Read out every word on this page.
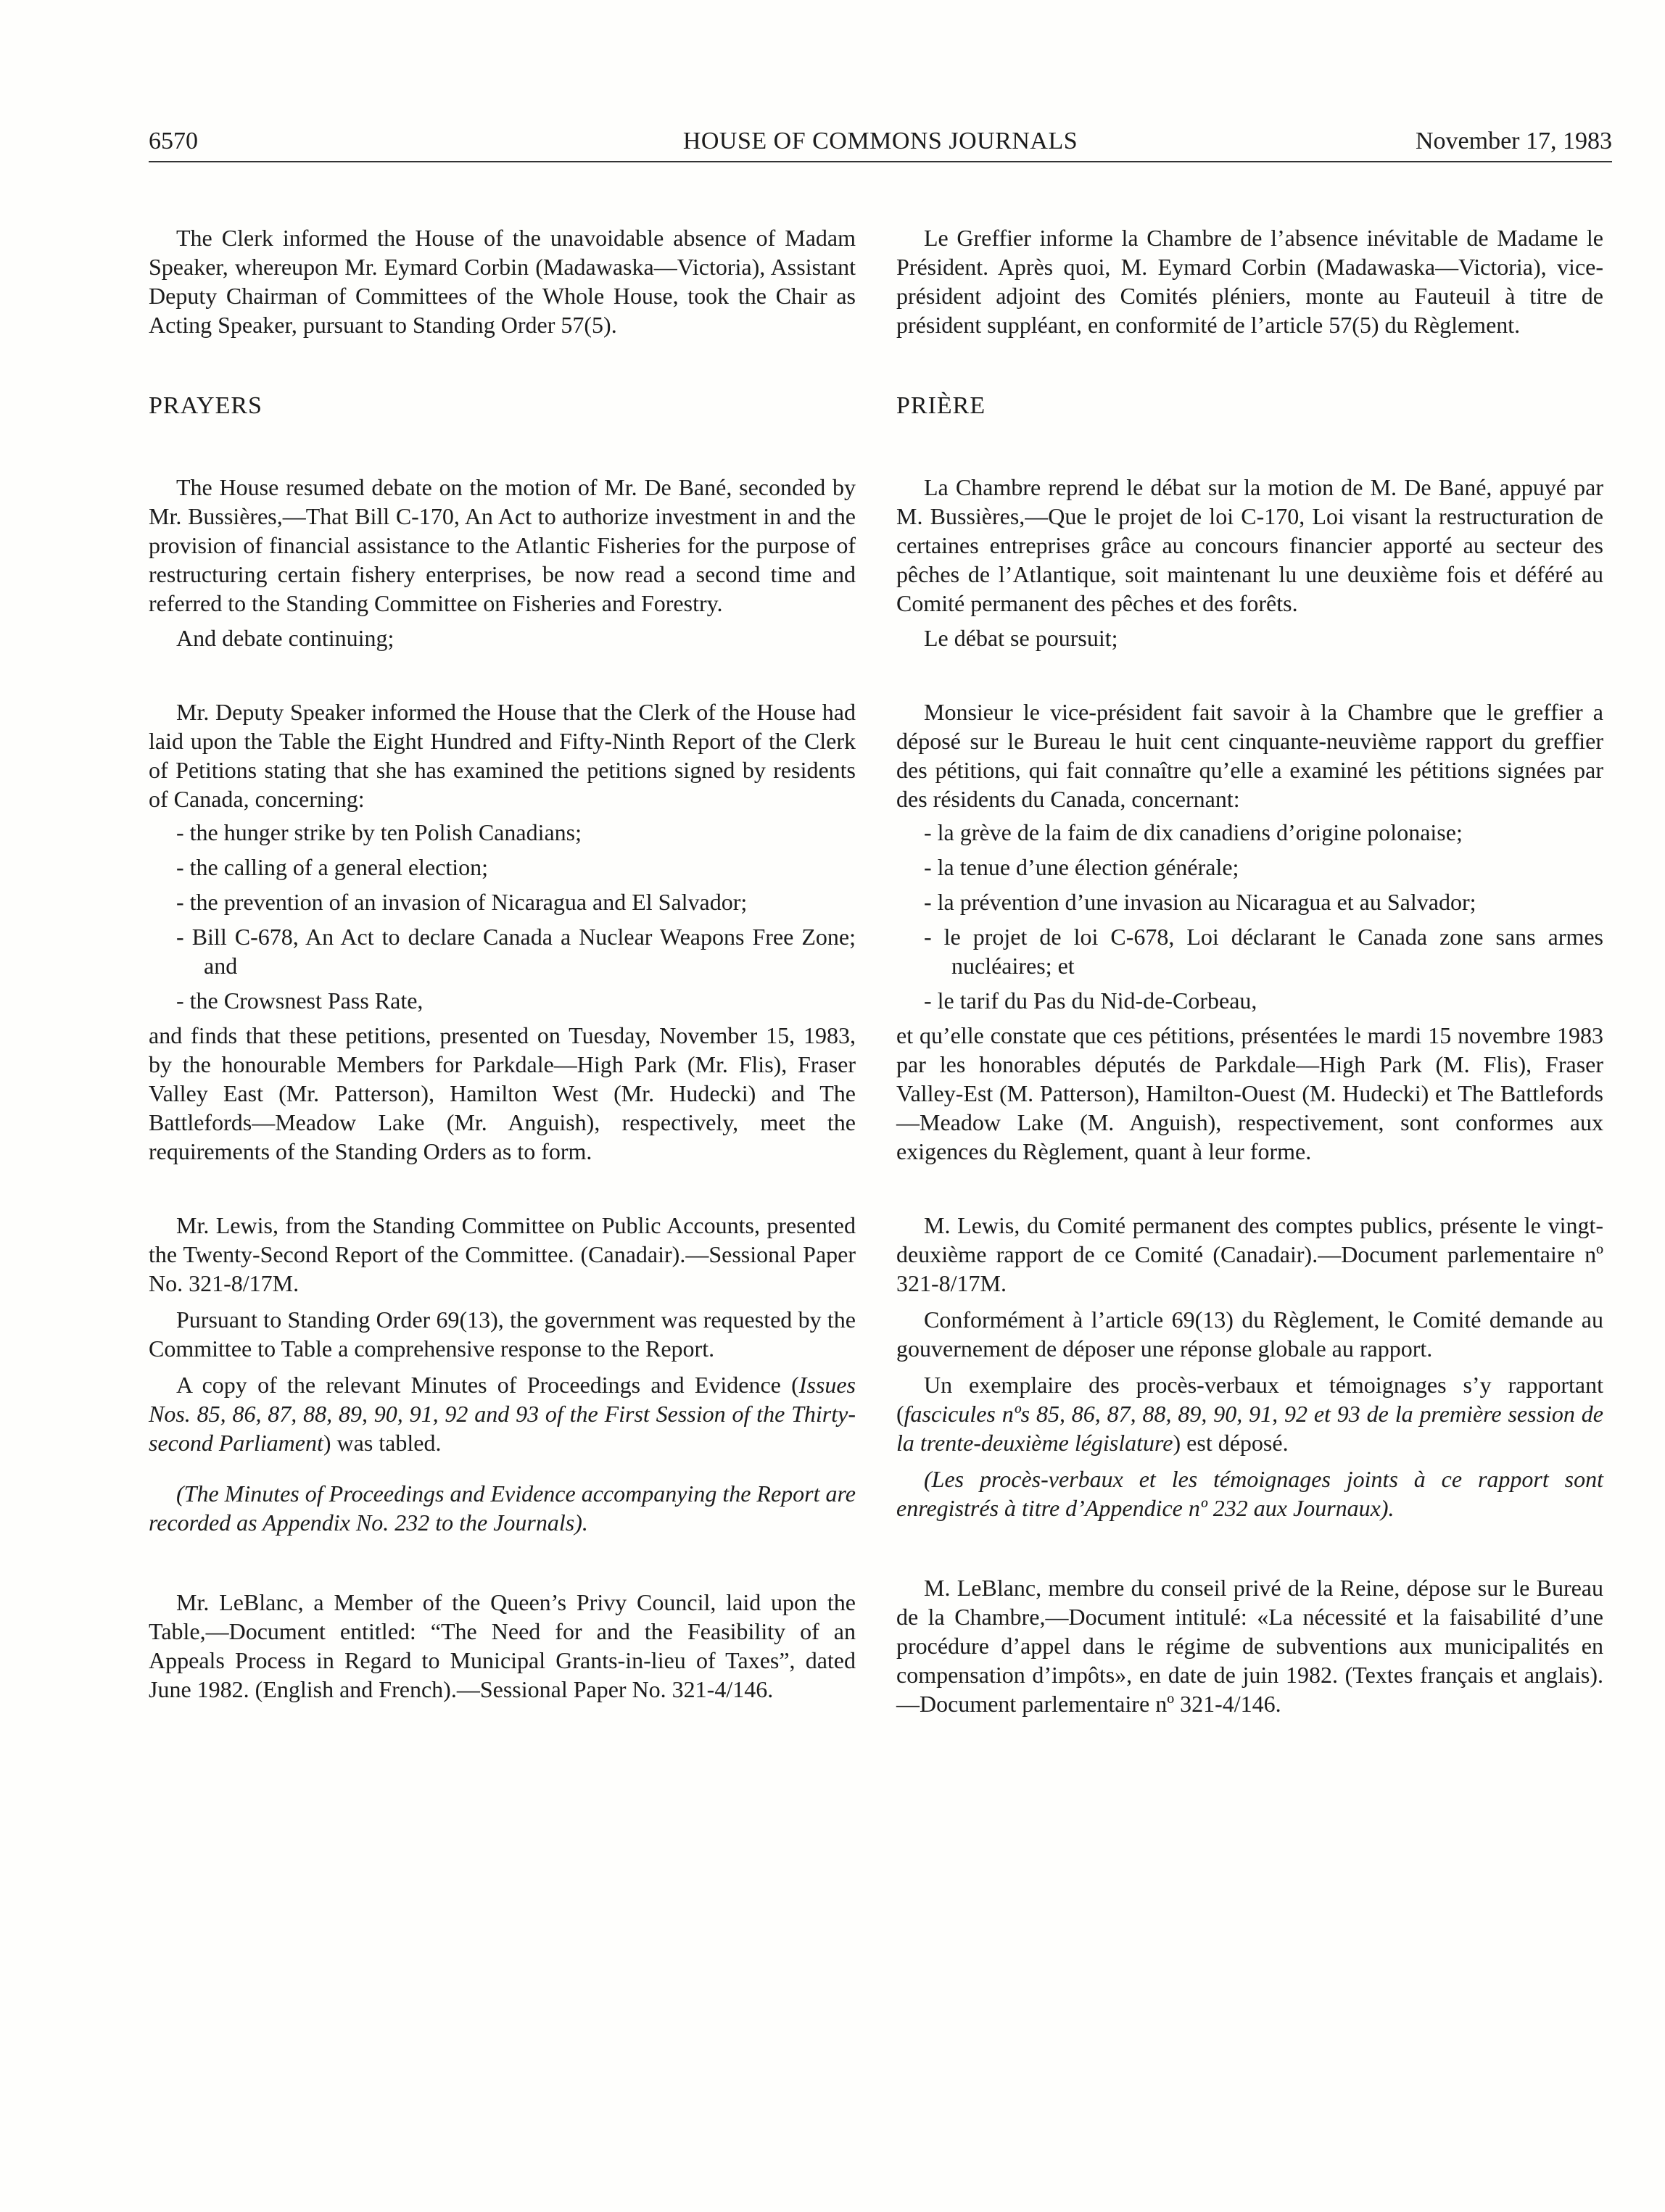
6570	HOUSE OF COMMONS JOURNALS	November 17, 1983

The Clerk informed the House of the unavoidable absence of Madam Speaker, whereupon Mr. Eymard Corbin (Madawaska—Victoria), Assistant Deputy Chairman of Committees of the Whole House, took the Chair as Acting Speaker, pursuant to Standing Order 57(5).

PRAYERS

The House resumed debate on the motion of Mr. De Bané, seconded by Mr. Bussières,—That Bill C-170, An Act to authorize investment in and the provision of financial assistance to the Atlantic Fisheries for the purpose of restructuring certain fishery enterprises, be now read a second time and referred to the Standing Committee on Fisheries and Forestry.

And debate continuing;

Mr. Deputy Speaker informed the House that the Clerk of the House had laid upon the Table the Eight Hundred and Fifty-Ninth Report of the Clerk of Petitions stating that she has examined the petitions signed by residents of Canada, concerning:

- the hunger strike by ten Polish Canadians;

- the calling of a general election;

- the prevention of an invasion of Nicaragua and El Salvador;

- Bill C-678, An Act to declare Canada a Nuclear Weapons Free Zone; and

- the Crowsnest Pass Rate,

and finds that these petitions, presented on Tuesday, November 15, 1983, by the honourable Members for Parkdale—High Park (Mr. Flis), Fraser Valley East (Mr. Patterson), Hamilton West (Mr. Hudecki) and The Battlefords—Meadow Lake (Mr. Anguish), respectively, meet the requirements of the Standing Orders as to form.

Mr. Lewis, from the Standing Committee on Public Accounts, presented the Twenty-Second Report of the Committee. (Canadair).—Sessional Paper No. 321-8/17M.

Pursuant to Standing Order 69(13), the government was requested by the Committee to Table a comprehensive response to the Report.

A copy of the relevant Minutes of Proceedings and Evidence (Issues Nos. 85, 86, 87, 88, 89, 90, 91, 92 and 93 of the First Session of the Thirty-second Parliament) was tabled.

(The Minutes of Proceedings and Evidence accompanying the Report are recorded as Appendix No. 232 to the Journals).

Mr. LeBlanc, a Member of the Queen’s Privy Council, laid upon the Table,—Document entitled: “The Need for and the Feasibility of an Appeals Process in Regard to Municipal Grants-in-lieu of Taxes”, dated June 1982. (English and French).—Sessional Paper No. 321-4/146.

Le Greffier informe la Chambre de l’absence inévitable de Madame le Président. Après quoi, M. Eymard Corbin (Madawaska—Victoria), vice-président adjoint des Comités pléniers, monte au Fauteuil à titre de président suppléant, en conformité de l’article 57(5) du Règlement.

PRIÈRE

La Chambre reprend le débat sur la motion de M. De Bané, appuyé par M. Bussières,—Que le projet de loi C-170, Loi visant la restructuration de certaines entreprises grâce au concours financier apporté au secteur des pêches de l’Atlantique, soit maintenant lu une deuxième fois et déféré au Comité permanent des pêches et des forêts.

Le débat se poursuit;

Monsieur le vice-président fait savoir à la Chambre que le greffier a déposé sur le Bureau le huit cent cinquante-neuvième rapport du greffier des pétitions, qui fait connaître qu’elle a examiné les pétitions signées par des résidents du Canada, concernant:

- la grève de la faim de dix canadiens d’origine polonaise;

- la tenue d’une élection générale;

- la prévention d’une invasion au Nicaragua et au Salvador;

- le projet de loi C-678, Loi déclarant le Canada zone sans armes nucléaires; et

- le tarif du Pas du Nid-de-Corbeau,

et qu’elle constate que ces pétitions, présentées le mardi 15 novembre 1983 par les honorables députés de Parkdale—High Park (M. Flis), Fraser Valley-Est (M. Patterson), Hamilton-Ouest (M. Hudecki) et The Battlefords—Meadow Lake (M. Anguish), respectivement, sont conformes aux exigences du Règlement, quant à leur forme.

M. Lewis, du Comité permanent des comptes publics, présente le vingt-deuxième rapport de ce Comité (Canadair).—Document parlementaire nº 321-8/17M.

Conformément à l’article 69(13) du Règlement, le Comité demande au gouvernement de déposer une réponse globale au rapport.

Un exemplaire des procès-verbaux et témoignages s’y rapportant (fascicules nºs 85, 86, 87, 88, 89, 90, 91, 92 et 93 de la première session de la trente-deuxième législature) est déposé.

(Les procès-verbaux et les témoignages joints à ce rapport sont enregistrés à titre d’Appendice nº 232 aux Journaux).

M. LeBlanc, membre du conseil privé de la Reine, dépose sur le Bureau de la Chambre,—Document intitulé: «La nécessité et la faisabilité d’une procédure d’appel dans le régime de subventions aux municipalités en compensation d’impôts», en date de juin 1982. (Textes français et anglais).—Document parlementaire nº 321-4/146.
